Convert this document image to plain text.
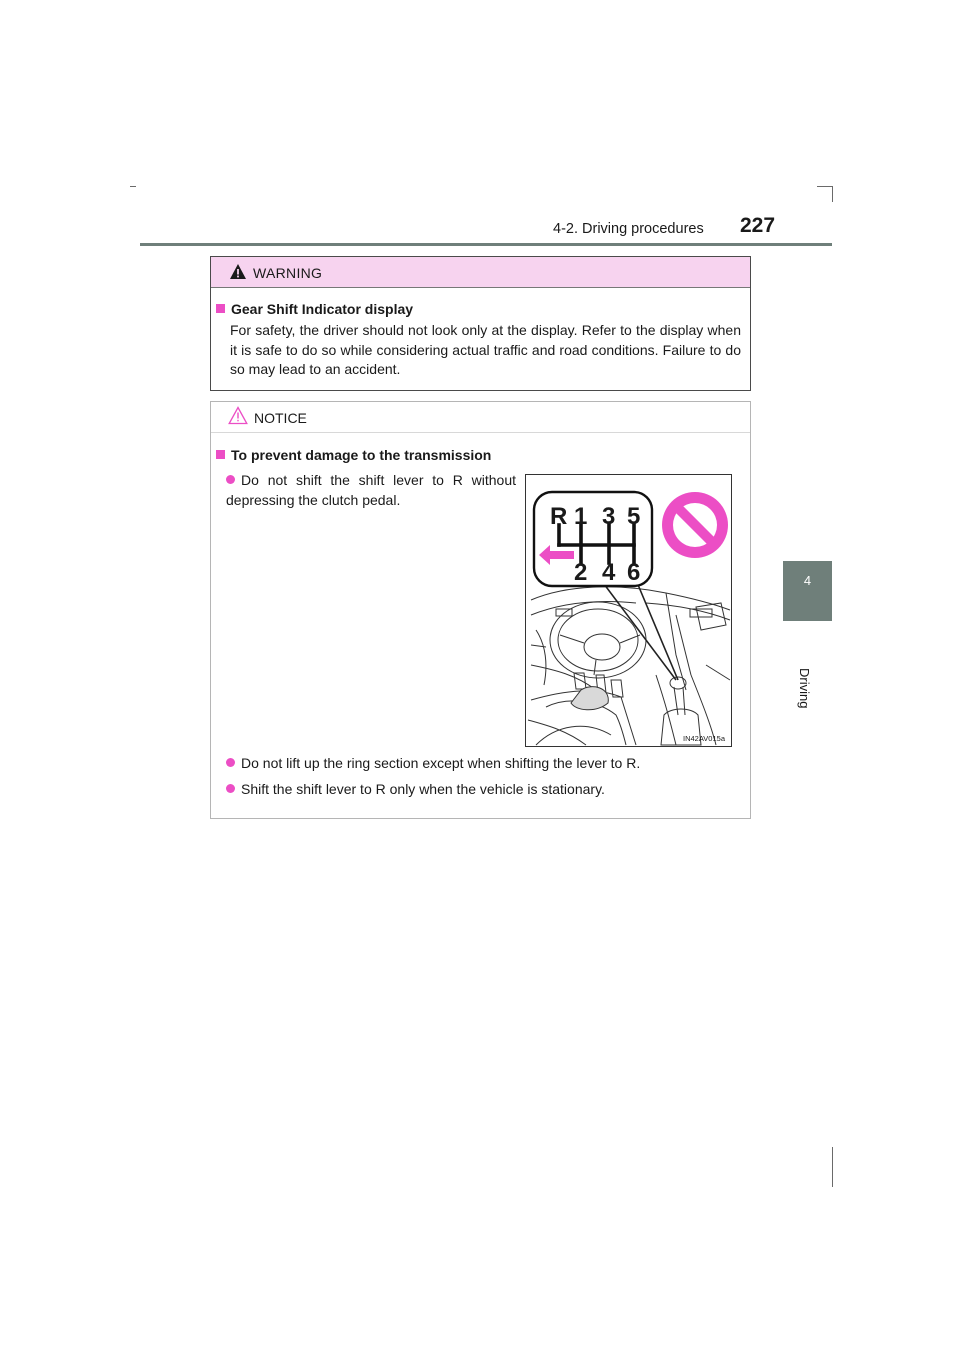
4-2. Driving procedures 227
4
Driving
WARNING
Gear Shift Indicator display
For safety, the driver should not look only at the display. Refer to the display when it is safe to do so while considering actual traffic and road conditions. Failure to do so may lead to an accident.
NOTICE
To prevent damage to the transmission
Do not shift the shift lever to R without depressing the clutch pedal.
Do not lift up the ring section except when shifting the lever to R.
Shift the shift lever to R only when the vehicle is stationary.
R 1 3 5
2 4 6
IN42AV015a
